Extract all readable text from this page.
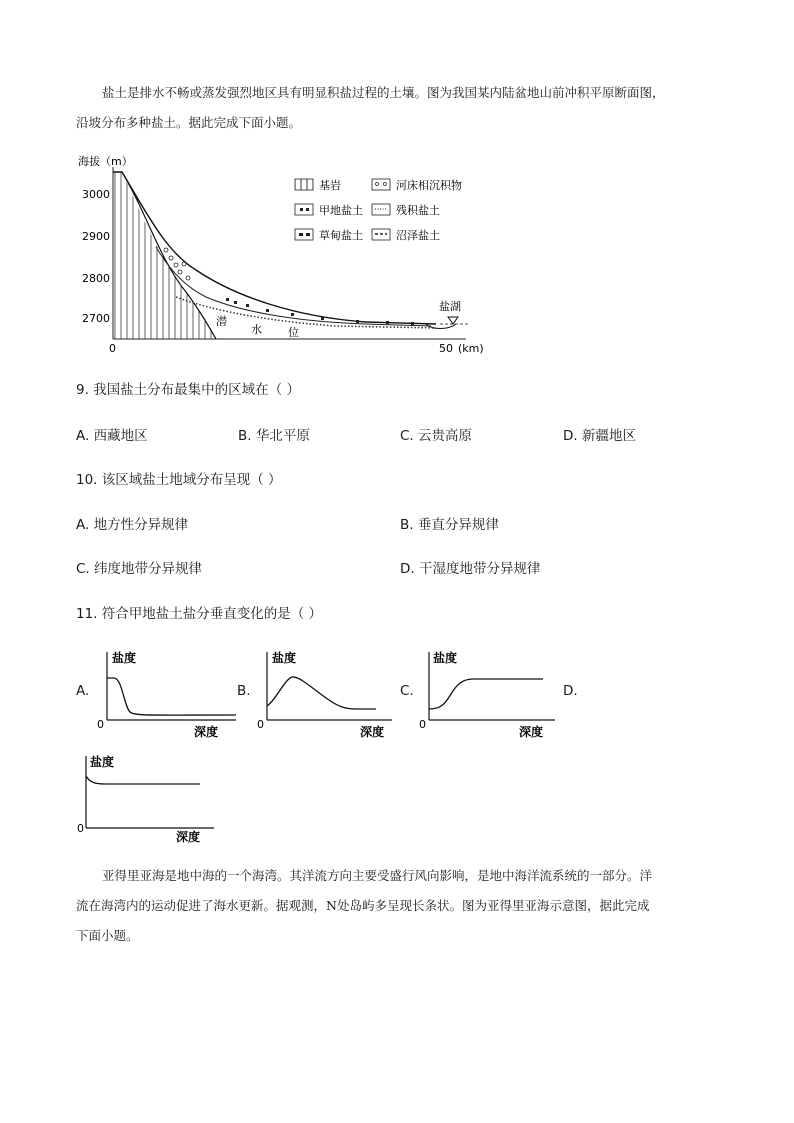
盐土是排水不畅或蒸发强烈地区具有明显积盐过程的土壤。图为我国某内陆盆地山前冲积平原断面图，
沿坡分布多种盐土。据此完成下面小题。
海拔（m）
3000
2900
2800
2700
0	50 (km)
盐湖
潜
水 位
基岩	河床相沉积物
甲地盐土	残积盐土
草甸盐土	沼泽盐土
9. 我国盐土分布最集中的区域在（ ）
A. 西藏地区	B. 华北平原	C. 云贵高原	D. 新疆地区
10. 该区域盐土地域分布呈现（ ）
A. 地方性分异规律	B. 垂直分异规律
C. 纬度地带分异规律	D. 干湿度地带分异规律
11. 符合甲地盐土盐分垂直变化的是（ ）
A.
盐度
0
深度
B.
盐度
0
深度
C.
盐度
0
深度
D.
盐度
0
深度
亚得里亚海是地中海的一个海湾。其洋流方向主要受盛行风向影响，是地中海洋流系统的一部分。洋
流在海湾内的运动促进了海水更新。据观测，N处岛屿多呈现长条状。图为亚得里亚海示意图，据此完成
下面小题。
